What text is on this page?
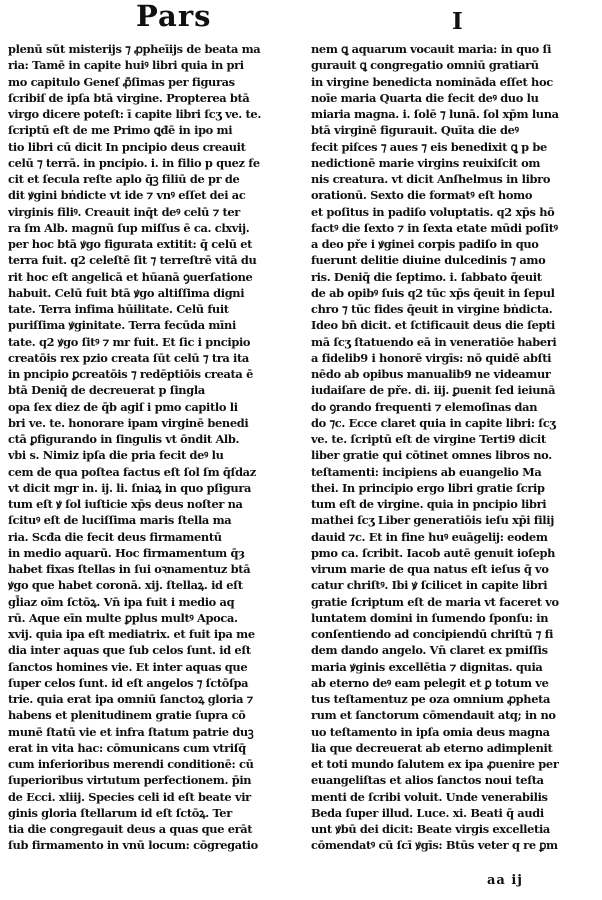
Pars	I
plenū sūt misterijs ⁊ ꝓpheīijs de beata ma
ria: Tamē in capite huiꝰ libri quia in pri
mo capitulo Geneſ ꝓ̄ſimas per figuras
ſcribiſ de ipſa btā virgine. Propterea btā
virgo dicere poteſt: ī capite libri ſcʒ ve. te.
ſcriptū eſt de me Primo ꝗđē in ipo mi
tio libri cū dicit In pncipio deus creauit
celū ⁊ terrā. in pncipio. i. in filio p quez fe
cit et ſecula reſte aplo q̄ꝫ filiū de pr de
dit ꝟgini bṅdicte vt ide ⁊ vnꝰ eſſet dei ac
virginis filiꝰ. Creauit inq̄t deꝰ celū ⁊ ter
ra ſm Alb. magnū ſup miſſus ē ca. clxvij.
per hoc btā ꝟgo figurata extitit: q̄ celū et
terra fuit. q2 celeſtē ſit ⁊ terreſtrē vitā du
rit hoc eſt angelicā et hūanā ꝯuerſatione
habuit. Celū fuit btā ꝟgo altiſſima digni
tate. Terra infima hūilitate. Celū fuit
puriſſima ꝟginitate. Terra fecūda mīni
tate. q2 ꝟgo ſitꝰ ⁊ mr fuit. Et ſic i pncipio
creatōis rex pzio creata ſūt celū ⁊ tra ita
in pncipio ꝑcreatōis ⁊ redēptiōis creata ē
btā Deniq̄ de decreuerat p ſingla
opa ſex diez de q̄b agiſ i pmo capitlo li
bri ve. te. honorare ipam virginē benedi
ctā ꝑfigurando in ſingulis vt ōndit Alb.
vbi s. Nimiz ipſa die pria fecit deꝰ lu
cem de qua poſtea factus eſt ſol ſm q̄ſdaz
vt dicit mgr in. ij. li. ſniaꝝ in quo pſigura
tum eſt ꝟ ſol iuſticie xp̄s deus noſter na
ſcituꝰ eſt de luciſſima maris ſtella ma
ria. Scđa die fecit deus firmamentū
in medio aquarū. Hoc firmamentum q̄ȝ
habet fixas ſtellas in ſui oꝛnamentuz btā
ꝟgo que habet coronā. xij. ſtellaꝝ. id eſt
gl̄iaz oīm ſctōꝝ. Vn̄ ipa fuit i medio aq
rū. Aque eīn multe ꝑplus multꝰ Apoca.
xvij. quia ipa eſt mediatrix. et fuit ipa me
dia inter aquas que ſub celos ſunt. id eſt
ſanctos homines vie. Et inter aquas que
ſuper celos ſunt. id eſt angelos ⁊ ſctōſpa
trie. quia erat ipa omniū ſanctoꝝ gloria ⁊
habens et plenitudinem gratie ſupra cō
munē ſtatū vie et infra ſtatum patrie duꝫ
erat in vita hac: cōmunicans cum vtriſq̄
cum inferioribus merendi conditionē: cū
ſuperioribus virtutum perfectionem. p̄in
de Ecci. xliij. Species celi id eſt beate vir
ginis gloria ſtellarum id eſt ſctōꝝ. Ter
tia die congregauit deus a quas que erāt
ſub firmamento in vnū locum: cōgregatio
nem ꝗ aquarum vocauit maria: in quo ſi
gurauit ꝗ congregatio omniū gratiarū
in virgine benedicta nomināda eſſet hoc
noīe maria Quarta die fecit deꝰ duo lu
miaria magna. i. ſolē ⁊ lunā. ſol xp̄m luna
btā virginē figurauit. Quīta die deꝰ
fecit piſces ⁊ aues ⁊ eis benedixit ꝗ p be
nedictionē marie virgins reuixiſcit om
nis creatura. vt dicit Anſhelmus in libro
orationū. Sexto die formatꝰ eſt homo
et poſitus in padiſo voluptatis. q2 xp̄s hō
factꝰ die ſexto ⁊ in ſexta etate mūdi poſitꝰ
a deo pře i ꝟginei corpis padiſo in quo
fuerunt delitie diuine dulcedinis ⁊ amo
ris. Deniq̄ die ſeptimo. i. ſabbato q̄euit
de ab opibꝰ ſuis q2 tūc xp̄s q̄euit in ſepul
chro ⁊ tūc fides q̄euit in virgine bṅdicta.
Ideo bn̄ dicit. et ſctificauit deus die ſepti
mā ſcʒ ſtatuendo eā in veneratiōe haberi
a fidelib9 i honorē virgīs: nō quidē abſti
nēdo ab opibus manualib9 ne videamur
iudaiſare de pře. di. iij. ꝑuenit ſed ieiunā
do ꝯrando frequenti ⁊ elemoſinas dan
do ⁊c. Ecce claret quia in capite libri: ſcʒ
ve. te. ſcriptū eſt de virgine Terti9 dicit
liber gratie qui cōtinet omnes libros no.
teſtamenti: incipiens ab euangelio Ma
thei. In principio ergo libri gratie ſcrip
tum eſt de virgine. quia in pncipio libri
mathei ſcʒ Liber generatiōis ieſu xp̄i filij
dauid ⁊c. Et in fine huꝰ euāgelij: eodem
pmo ca. ſcribit. Iacob autē genuit ioſeph
virum marie de qua natus eſt ieſus q̄ vo
catur chriſtꝰ. Ibi ꝟ ſcilicet in capite libri
gratie ſcriptum eſt de maria vt faceret vo
luntatem domini in ſumendo ſponſu: in
conſentiendo ad concipiendū chriſtū ⁊ fi
dem dando angelo. Vn̄ claret ex pmiſſis
maria ꝟginis excellētia ⁊ dignitas. quia
ab eterno deꝰ eam pelegit et ꝑ totum ve
tus teſtamentuz pe oza omnium ꝓpheta
rum et ſanctorum cōmendauit atq; in no
uo teſtamento in ipſa omia deus magna
lia que decreuerat ab eterno adimplenit
et toti mundo ſalutem ex ipa ꝓuenire per
euangeliſtas et alios ſanctos noui teſta
menti de ſcribi voluit. Unde venerabilis
Beda ſuper illud. Luce. xi. Beati q̄ audi
unt ꝟbū dei dicit: Beate virgis excelletia
cōmendatꝰ cū ſcī ꝟgīs: Btūs veter q re ꝑm
aa ij
